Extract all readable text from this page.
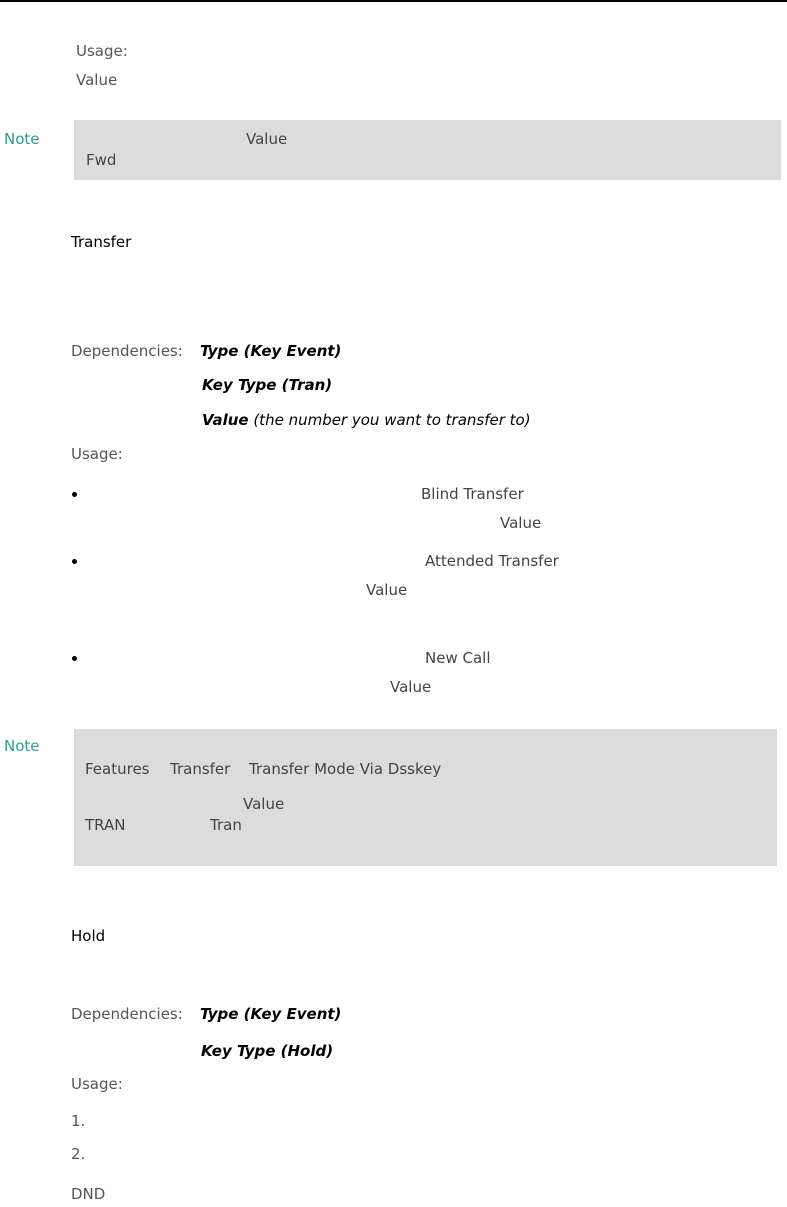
Usage:
Value
Note	Value
Fwd
Transfer
Dependencies: Type (Key Event)
Key Type (Tran)
Value (the number you want to transfer to)
Usage:
Blind Transfer
Value
Attended Transfer
Value
New Call
Value
Note
Features Transfer Transfer Mode Via Dsskey
Value
TRAN	Tran
Hold
Dependencies: Type (Key Event)
Key Type (Hold)
Usage:
1.
2.
DND
